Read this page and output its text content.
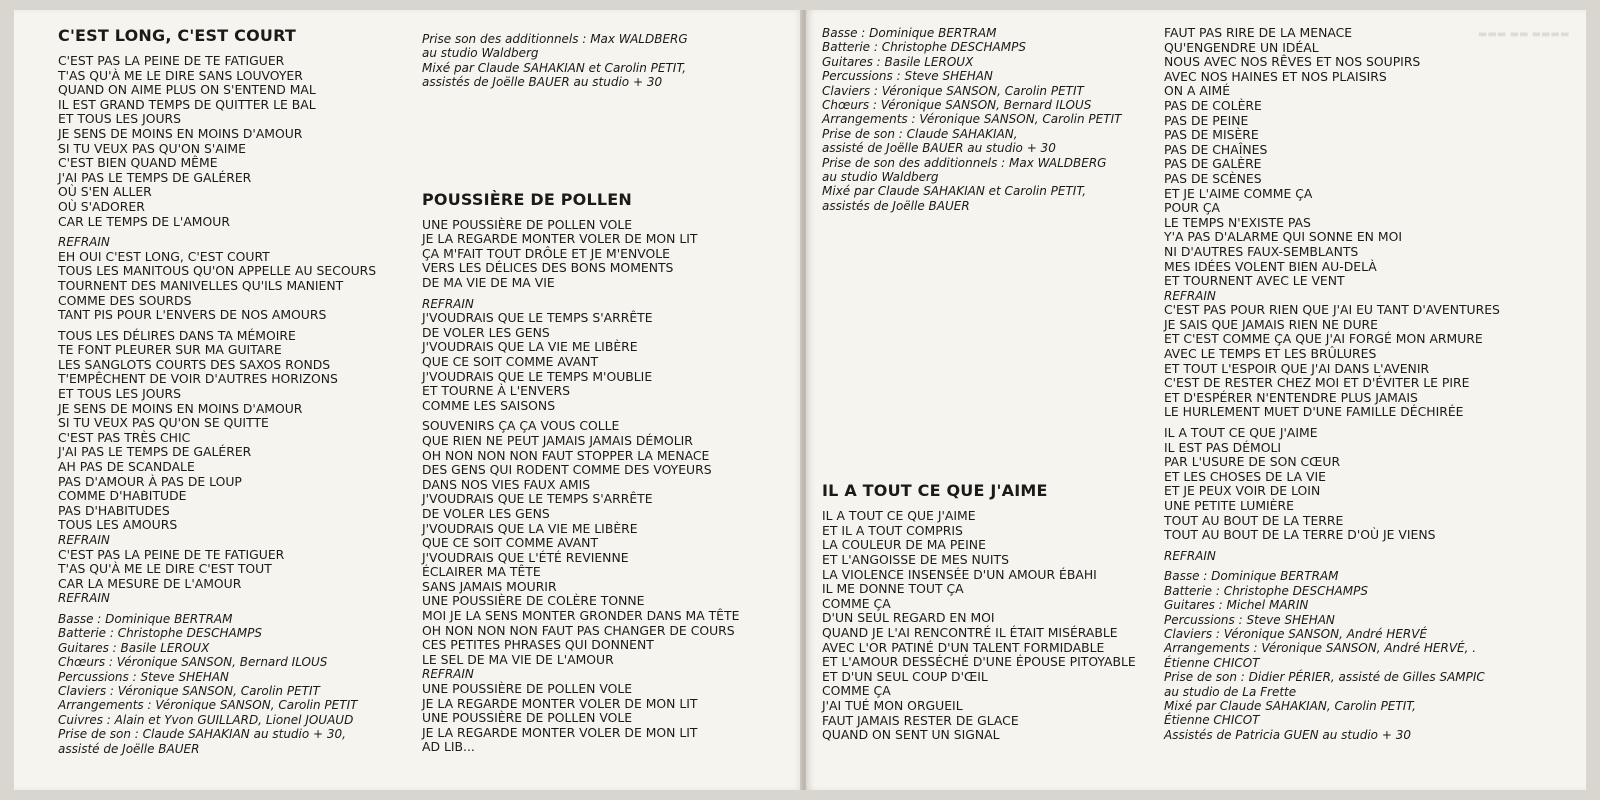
C'EST LONG, C'EST COURT
C'EST PAS LA PEINE DE TE FATIGUER
T'AS QU'À ME LE DIRE SANS LOUVOYER
QUAND ON AIME PLUS ON S'ENTEND MAL
IL EST GRAND TEMPS DE QUITTER LE BAL
ET TOUS LES JOURS
JE SENS DE MOINS EN MOINS D'AMOUR
SI TU VEUX PAS QU'ON S'AIME
C'EST BIEN QUAND MÊME
J'AI PAS LE TEMPS DE GALÉRER
OÙ S'EN ALLER
OÙ S'ADORER
CAR LE TEMPS DE L'AMOUR
REFRAIN
EH OUI C'EST LONG, C'EST COURT
TOUS LES MANITOUS QU'ON APPELLE AU SECOURS
TOURNENT DES MANIVELLES QU'ILS MANIENT
COMME DES SOURDS
TANT PIS POUR L'ENVERS DE NOS AMOURS
TOUS LES DÉLIRES DANS TA MÉMOIRE
TE FONT PLEURER SUR MA GUITARE
LES SANGLOTS COURTS DES SAXOS RONDS
T'EMPÊCHENT DE VOIR D'AUTRES HORIZONS
ET TOUS LES JOURS
JE SENS DE MOINS EN MOINS D'AMOUR
SI TU VEUX PAS QU'ON SE QUITTE
C'EST PAS TRÈS CHIC
J'AI PAS LE TEMPS DE GALÉRER
AH PAS DE SCANDALE
PAS D'AMOUR À PAS DE LOUP
COMME D'HABITUDE
PAS D'HABITUDES
TOUS LES AMOURS
REFRAIN
C'EST PAS LA PEINE DE TE FATIGUER
T'AS QU'À ME LE DIRE C'EST TOUT
CAR LA MESURE DE L'AMOUR
REFRAIN
Basse : Dominique BERTRAM
Batterie : Christophe DESCHAMPS
Guitares : Basile LEROUX
Chœurs : Véronique SANSON, Bernard ILOUS
Percussions : Steve SHEHAN
Claviers : Véronique SANSON, Carolin PETIT
Arrangements : Véronique SANSON, Carolin PETIT
Cuivres : Alain et Yvon GUILLARD, Lionel JOUAUD
Prise de son : Claude SAHAKIAN au studio + 30,
assisté de Joëlle BAUER
Prise son des additionnels : Max WALDBERG
au studio Waldberg
Mixé par Claude SAHAKIAN et Carolin PETIT,
assistés de Joëlle BAUER au studio + 30
POUSSIÈRE DE POLLEN
UNE POUSSIÈRE DE POLLEN VOLE
JE LA REGARDE MONTER VOLER DE MON LIT
ÇA M'FAIT TOUT DRÔLE ET JE M'ENVOLE
VERS LES DÉLICES DES BONS MOMENTS
DE MA VIE DE MA VIE
REFRAIN
J'VOUDRAIS QUE LE TEMPS S'ARRÊTE
DE VOLER LES GENS
J'VOUDRAIS QUE LA VIE ME LIBÈRE
QUE CE SOIT COMME AVANT
J'VOUDRAIS QUE LE TEMPS M'OUBLIE
ET TOURNE À L'ENVERS
COMME LES SAISONS
SOUVENIRS ÇA ÇA VOUS COLLE
QUE RIEN NE PEUT JAMAIS JAMAIS DÉMOLIR
OH NON NON NON FAUT STOPPER LA MENACE
DES GENS QUI RODENT COMME DES VOYEURS
DANS NOS VIES FAUX AMIS
J'VOUDRAIS QUE LE TEMPS S'ARRÊTE
DE VOLER LES GENS
J'VOUDRAIS QUE LA VIE ME LIBÈRE
QUE CE SOIT COMME AVANT
J'VOUDRAIS QUE L'ÉTÉ REVIENNE
ÉCLAIRER MA TÊTE
SANS JAMAIS MOURIR
UNE POUSSIÈRE DE COLÈRE TONNE
MOI JE LA SENS MONTER GRONDER DANS MA TÊTE
OH NON NON NON FAUT PAS CHANGER DE COURS
CES PETITES PHRASES QUI DONNENT
LE SEL DE MA VIE DE L'AMOUR
REFRAIN
UNE POUSSIÈRE DE POLLEN VOLE
JE LA REGARDE MONTER VOLER DE MON LIT
UNE POUSSIÈRE DE POLLEN VOLE
JE LA REGARDE MONTER VOLER DE MON LIT
AD LIB...
▬▬▬ ▬▬ ▬▬▬▬
Basse : Dominique BERTRAM
Batterie : Christophe DESCHAMPS
Guitares : Basile LEROUX
Percussions : Steve SHEHAN
Claviers : Véronique SANSON, Carolin PETIT
Chœurs : Véronique SANSON, Bernard ILOUS
Arrangements : Véronique SANSON, Carolin PETIT
Prise de son : Claude SAHAKIAN,
assisté de Joëlle BAUER au studio + 30
Prise de son des additionnels : Max WALDBERG
au studio Waldberg
Mixé par Claude SAHAKIAN et Carolin PETIT,
assistés de Joëlle BAUER
IL A TOUT CE QUE J'AIME
IL A TOUT CE QUE J'AIME
ET IL A TOUT COMPRIS
LA COULEUR DE MA PEINE
ET L'ANGOISSE DE MES NUITS
LA VIOLENCE INSENSÉE D'UN AMOUR ÉBAHI
IL ME DONNE TOUT ÇA
COMME ÇA
D'UN SEUL REGARD EN MOI
QUAND JE L'AI RENCONTRÉ IL ÉTAIT MISÉRABLE
AVEC L'OR PATINÉ D'UN TALENT FORMIDABLE
ET L'AMOUR DESSÉCHÉ D'UNE ÉPOUSE PITOYABLE
ET D'UN SEUL COUP D'ŒIL
COMME ÇA
J'AI TUÉ MON ORGUEIL
FAUT JAMAIS RESTER DE GLACE
QUAND ON SENT UN SIGNAL
FAUT PAS RIRE DE LA MENACE
QU'ENGENDRE UN IDÉAL
NOUS AVEC NOS RÊVES ET NOS SOUPIRS
AVEC NOS HAINES ET NOS PLAISIRS
ON A AIMÉ
PAS DE COLÈRE
PAS DE PEINE
PAS DE MISÈRE
PAS DE CHAÎNES
PAS DE GALÈRE
PAS DE SCÈNES
ET JE L'AIME COMME ÇA
POUR ÇA
LE TEMPS N'EXISTE PAS
Y'A PAS D'ALARME QUI SONNE EN MOI
NI D'AUTRES FAUX-SEMBLANTS
MES IDÉES VOLENT BIEN AU-DELÀ
ET TOURNENT AVEC LE VENT
REFRAIN
C'EST PAS POUR RIEN QUE J'AI EU TANT D'AVENTURES
JE SAIS QUE JAMAIS RIEN NE DURE
ET C'EST COMME ÇA QUE J'AI FORGÉ MON ARMURE
AVEC LE TEMPS ET LES BRÛLURES
ET TOUT L'ESPOIR QUE J'AI DANS L'AVENIR
C'EST DE RESTER CHEZ MOI ET D'ÉVITER LE PIRE
ET D'ESPÉRER N'ENTENDRE PLUS JAMAIS
LE HURLEMENT MUET D'UNE FAMILLE DÉCHIRÉE
IL A TOUT CE QUE J'AIME
IL EST PAS DÉMOLI
PAR L'USURE DE SON CŒUR
ET LES CHOSES DE LA VIE
ET JE PEUX VOIR DE LOIN
UNE PETITE LUMIÈRE
TOUT AU BOUT DE LA TERRE
TOUT AU BOUT DE LA TERRE D'OÙ JE VIENS
REFRAIN
Basse : Dominique BERTRAM
Batterie : Christophe DESCHAMPS
Guitares : Michel MARIN
Percussions : Steve SHEHAN
Claviers : Véronique SANSON, André HERVÉ
Arrangements : Véronique SANSON, André HERVÉ, .
Étienne CHICOT
Prise de son : Didier PÉRIER, assisté de Gilles SAMPIC
au studio de La Frette
Mixé par Claude SAHAKIAN, Carolin PETIT,
Étienne CHICOT
Assistés de Patricia GUEN au studio + 30
